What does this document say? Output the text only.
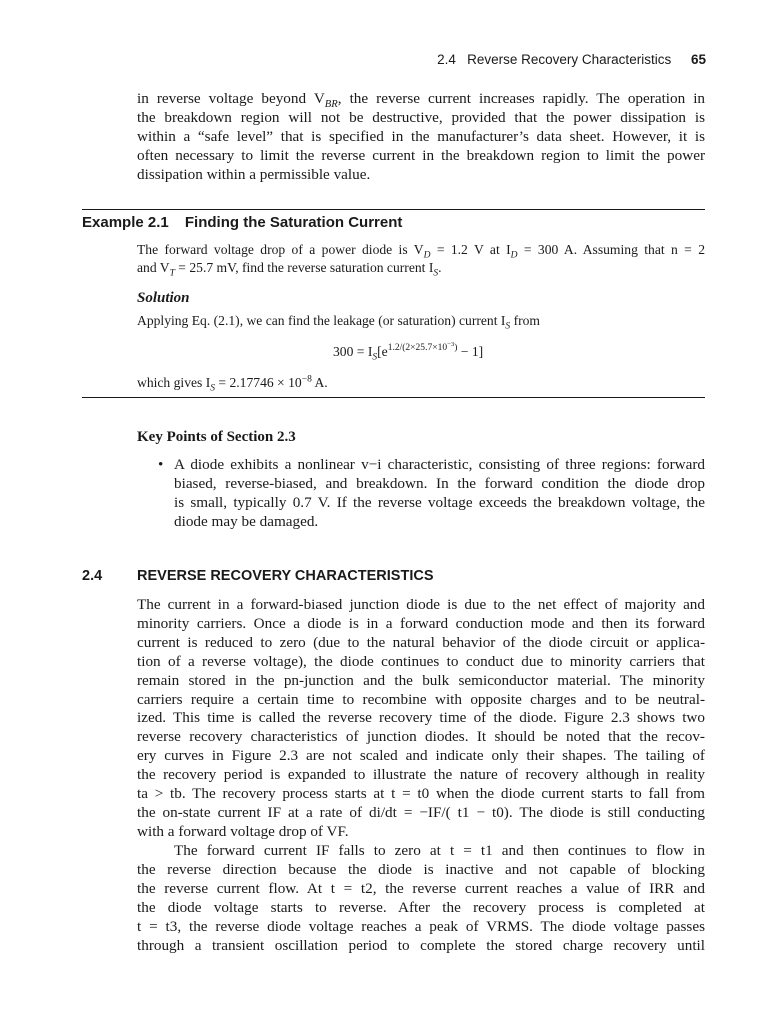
2.4   Reverse Recovery Characteristics 65
in reverse voltage beyond $V_{BR}$, the reverse current increases rapidly. The operation in
the breakdown region will not be destructive, provided that the power dissipation is
within a “safe level” that is specified in the manufacturer’s data sheet. However, it is
often necessary to limit the reverse current in the breakdown region to limit the power
dissipation within a permissible value.
Example 2.1 Finding the Saturation Current
The forward voltage drop of a power diode is $V_D = 1.2$ V at $I_D = 300$ A. Assuming that n = 2
and $V_T = 25.7$ mV, find the reverse saturation current $I_S$.
Solution
Applying Eq. (2.1), we can find the leakage (or saturation) current $I_S$ from
$300 = I_S[e^{1.2/(2\times 25.7\times 10^{-3})} - 1]$
which gives $I_S = 2.17746 \times 10^{-8}$ A.
Key Points of Section 2.3
• A diode exhibits a nonlinear v−i characteristic, consisting of three regions: forward
biased, reverse-biased, and breakdown. In the forward condition the diode drop
is small, typically 0.7 V. If the reverse voltage exceeds the breakdown voltage, the
diode may be damaged.
2.4 REVERSE RECOVERY CHARACTERISTICS
The current in a forward-biased junction diode is due to the net effect of majority and
minority carriers. Once a diode is in a forward conduction mode and then its forward
current is reduced to zero (due to the natural behavior of the diode circuit or applica-
tion of a reverse voltage), the diode continues to conduct due to minority carriers that
remain stored in the pn-junction and the bulk semiconductor material. The minority
carriers require a certain time to recombine with opposite charges and to be neutral-
ized. This time is called the reverse recovery time of the diode. Figure 2.3 shows two
reverse recovery characteristics of junction diodes. It should be noted that the recov-
ery curves in Figure 2.3 are not scaled and indicate only their shapes. The tailing of
the recovery period is expanded to illustrate the nature of recovery although in reality
ta > tb. The recovery process starts at t = t0 when the diode current starts to fall from
the on-state current IF at a rate of di/dt = −IF/( t1 − t0). The diode is still conducting
with a forward voltage drop of VF.
The forward current IF falls to zero at t = t1 and then continues to flow in
the reverse direction because the diode is inactive and not capable of blocking
the reverse current flow. At t = t2, the reverse current reaches a value of IRR and
the diode voltage starts to reverse. After the recovery process is completed at
t = t3, the reverse diode voltage reaches a peak of VRMS. The diode voltage passes
through a transient oscillation period to complete the stored charge recovery until
